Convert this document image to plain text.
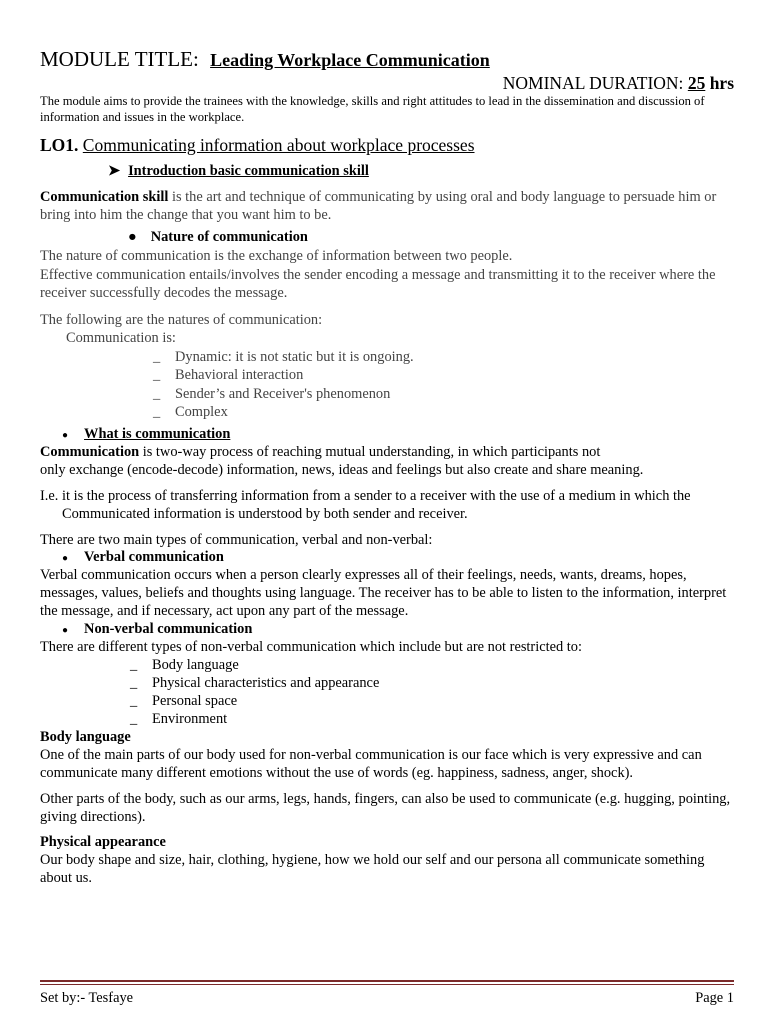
MODULE TITLE: Leading Workplace Communication
NOMINAL DURATION: 25 hrs
The module aims to provide the trainees with the knowledge, skills and right attitudes to lead in the dissemination and discussion of information and issues in the workplace.
LO1. Communicating information about workplace processes
➤ Introduction basic communication skill
Communication skill is the art and technique of communicating by using oral and body language to persuade him or bring into him the change that you want him to be.
● Nature of communication
The nature of communication is the exchange of information between two people.
Effective communication entails/involves the sender encoding a message and transmitting it to the receiver where the receiver successfully decodes the message.
The following are the natures of communication:
Communication is:
_ Dynamic: it is not static but it is ongoing.
_ Behavioral interaction
_ Sender’s and Receiver's phenomenon
_ Complex
● What is communication
Communication is two-way process of reaching mutual understanding, in which participants not
only exchange (encode-decode) information, news, ideas and feelings but also create and share meaning.
I.e. it is the process of transferring information from a sender to a receiver with the use of a medium in which the
Communicated information is understood by both sender and receiver.
There are two main types of communication, verbal and non-verbal:
● Verbal communication
Verbal communication occurs when a person clearly expresses all of their feelings, needs, wants, dreams, hopes, messages, values, beliefs and thoughts using language. The receiver has to be able to listen to the information, interpret the message, and if necessary, act upon any part of the message.
● Non-verbal communication
There are different types of non-verbal communication which include but are not restricted to:
_ Body language
_ Physical characteristics and appearance
_ Personal space
_ Environment
Body language
One of the main parts of our body used for non-verbal communication is our face which is very expressive and can communicate many different emotions without the use of words (eg. happiness, sadness, anger, shock).
Other parts of the body, such as our arms, legs, hands, fingers, can also be used to communicate (e.g. hugging, pointing, giving directions).
Physical appearance
Our body shape and size, hair, clothing, hygiene, how we hold our self and our persona all communicate something about us.
Set by:- Tesfaye	Page 1
